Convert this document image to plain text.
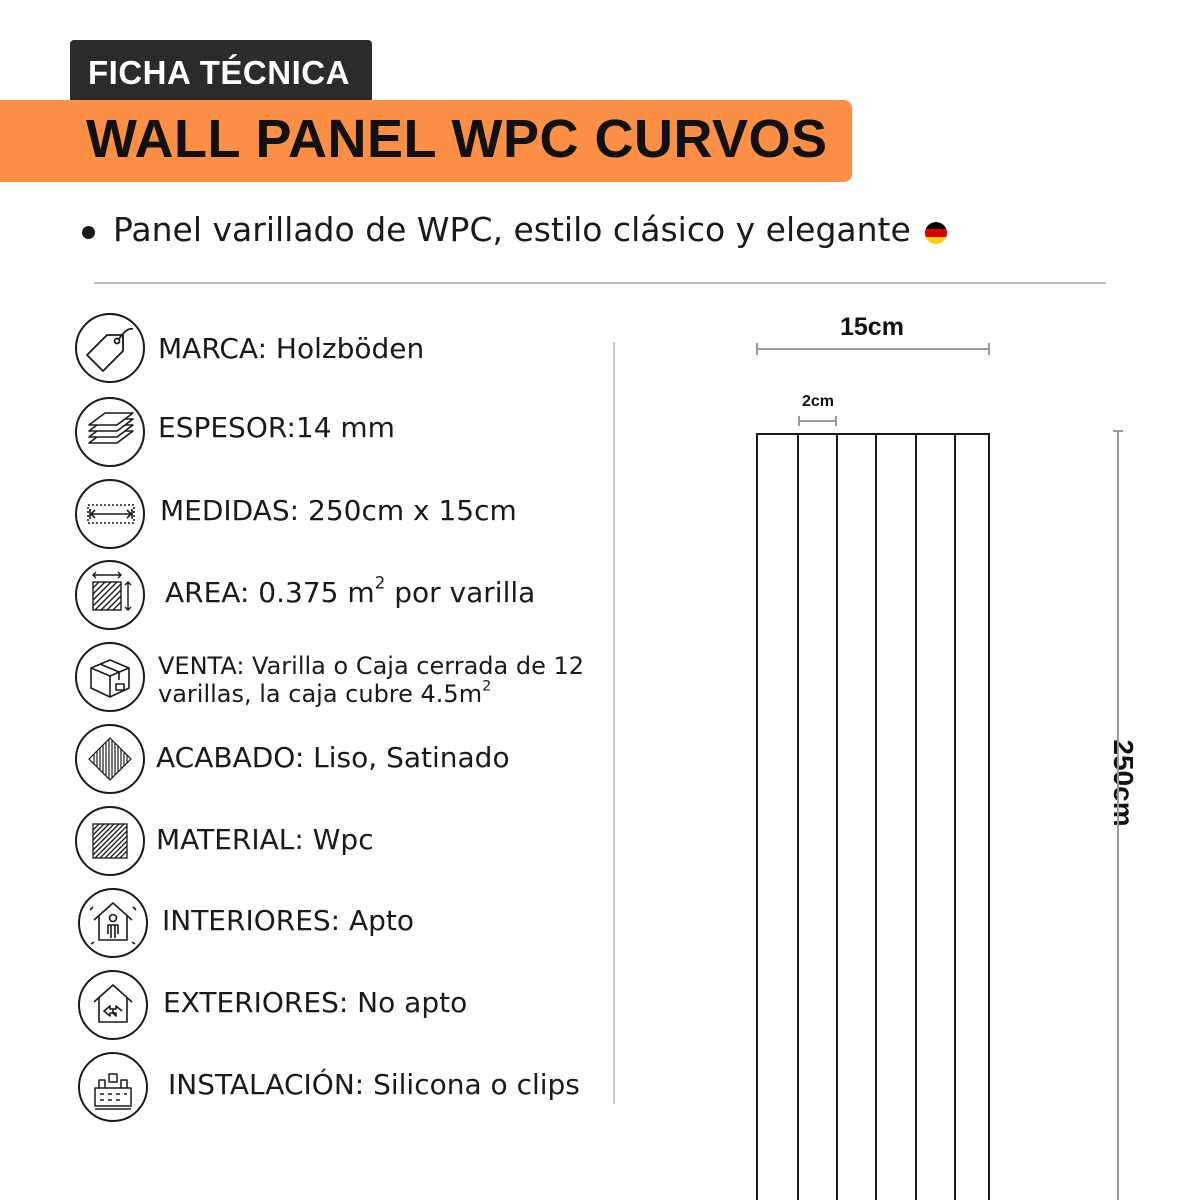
FICHA TÉCNICA
WALL PANEL WPC CURVOS
Panel varillado de WPC, estilo clásico y elegante
MARCA: Holzböden
ESPESOR:14 mm
MEDIDAS: 250cm x 15cm
AREA: 0.375 $m^2$ por varilla
VENTA: Varilla o Caja cerrada de 12
varillas, la caja cubre $4.5m^2$
ACABADO: Liso, Satinado
MATERIAL: Wpc
INTERIORES: Apto
EXTERIORES: No apto
INSTALACIÓN: Silicona o clips
15cm
2cm
250cm
